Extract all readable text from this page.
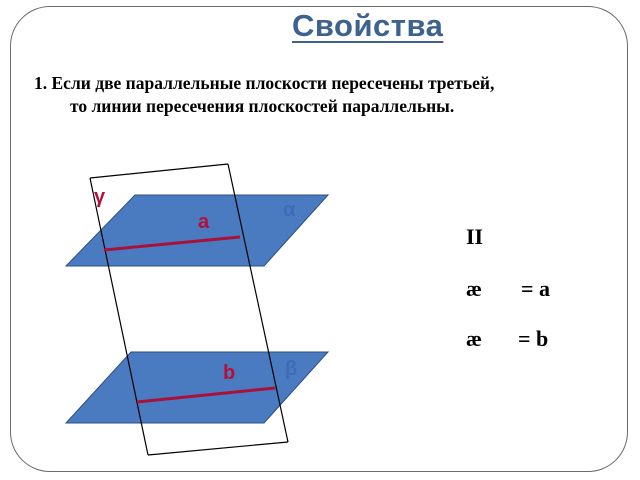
Свойства
1. Если две параллельные плоскости пересечены третьей,
то линии пересечения плоскостей параллельны.
γ
a
α
b β
II
æ = a
æ = b
